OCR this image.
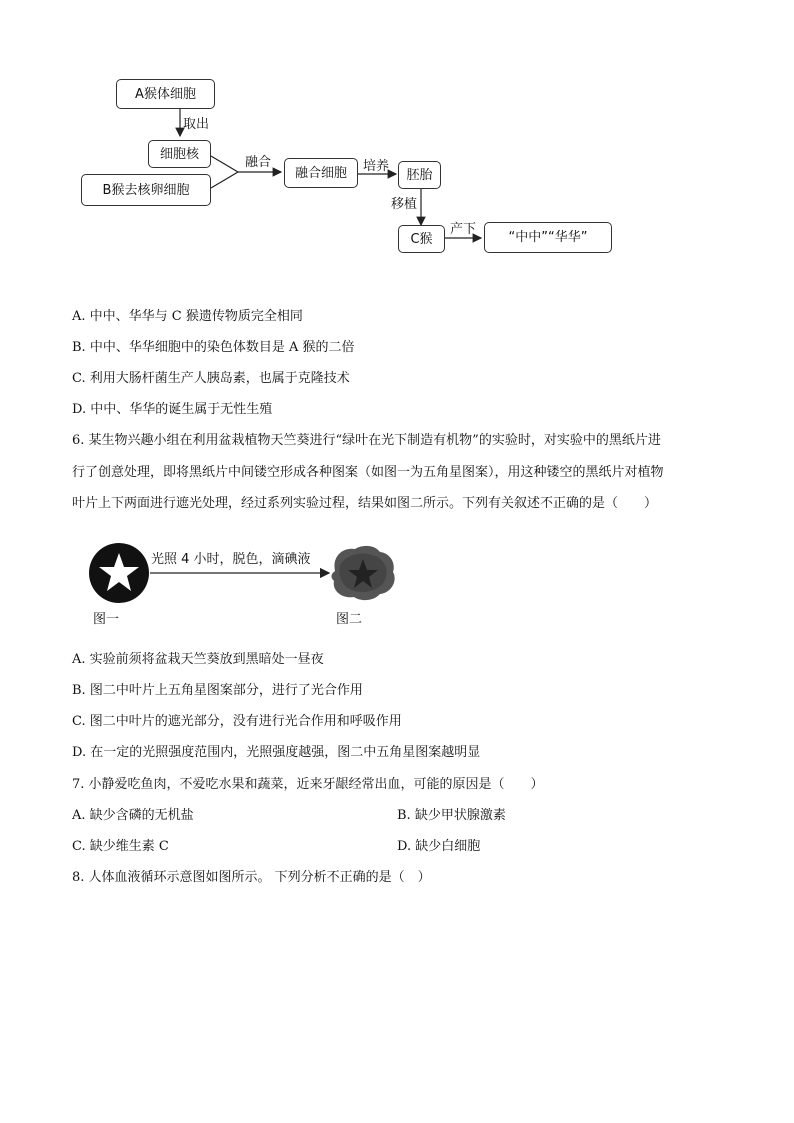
A猴体细胞
取出
细胞核
B猴去核卵细胞
融合
融合细胞	培养
胚胎
移植
C猴
产下
“中中”“华华”
A. 中中、华华与 C 猴遗传物质完全相同
B. 中中、华华细胞中的染色体数目是 A 猴的二倍
C. 利用大肠杆菌生产人胰岛素，也属于克隆技术
D. 中中、华华的诞生属于无性生殖
6. 某生物兴趣小组在利用盆栽植物天竺葵进行“绿叶在光下制造有机物”的实验时，对实验中的黑纸片进
行了创意处理，即将黑纸片中间镂空形成各种图案（如图一为五角星图案），用这种镂空的黑纸片对植物
叶片上下两面进行遮光处理，经过系列实验过程，结果如图二所示。下列有关叙述不正确的是（　　）
光照 4 小时，脱色，滴碘液
图一	图二
A. 实验前须将盆栽天竺葵放到黑暗处一昼夜
B. 图二中叶片上五角星图案部分，进行了光合作用
C. 图二中叶片的遮光部分，没有进行光合作用和呼吸作用
D. 在一定的光照强度范围内，光照强度越强，图二中五角星图案越明显
7. 小静爱吃鱼肉，不爱吃水果和蔬菜，近来牙龈经常出血，可能的原因是（　　）
A. 缺少含磷的无机盐	B. 缺少甲状腺激素
C. 缺少维生素 C	D. 缺少白细胞
8. 人体血液循环示意图如图所示。 下列分析不正确的是（　）
